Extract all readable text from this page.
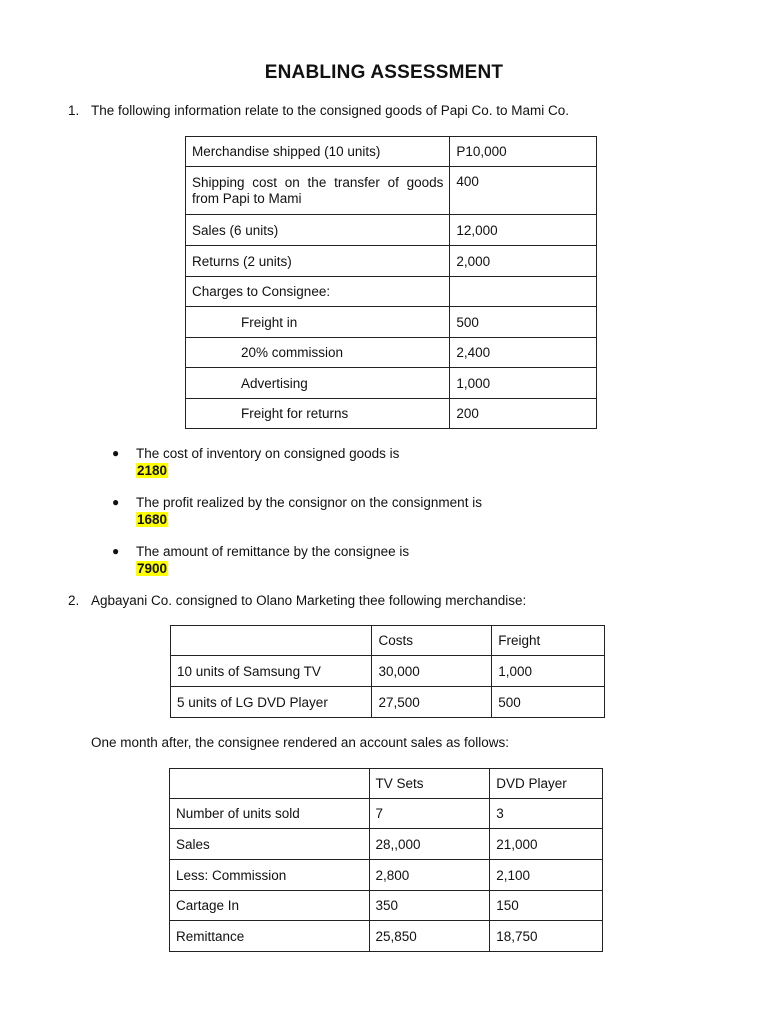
ENABLING ASSESSMENT
1. The following information relate to the consigned goods of Papi Co. to Mami Co.
Merchandise shipped (10 units)	P10,000
Shipping cost on the transfer of goods from Papi to Mami	400
Sales (6 units)	12,000
Returns (2 units)	2,000
Charges to Consignee:	
Freight in	500
20% commission	2,400
Advertising	1,000
Freight for returns	200
● The cost of inventory on consigned goods is
2180
● The profit realized by the consignor on the consignment is
1680
● The amount of remittance by the consignee is
7900
2. Agbayani Co. consigned to Olano Marketing thee following merchandise:
	Costs	Freight
10 units of Samsung TV	30,000	1,000
5 units of LG DVD Player	27,500	500
One month after, the consignee rendered an account sales as follows:
	TV Sets	DVD Player
Number of units sold	7	3
Sales	28,,000	21,000
Less: Commission	2,800	2,100
Cartage In	350	150
Remittance	25,850	18,750
